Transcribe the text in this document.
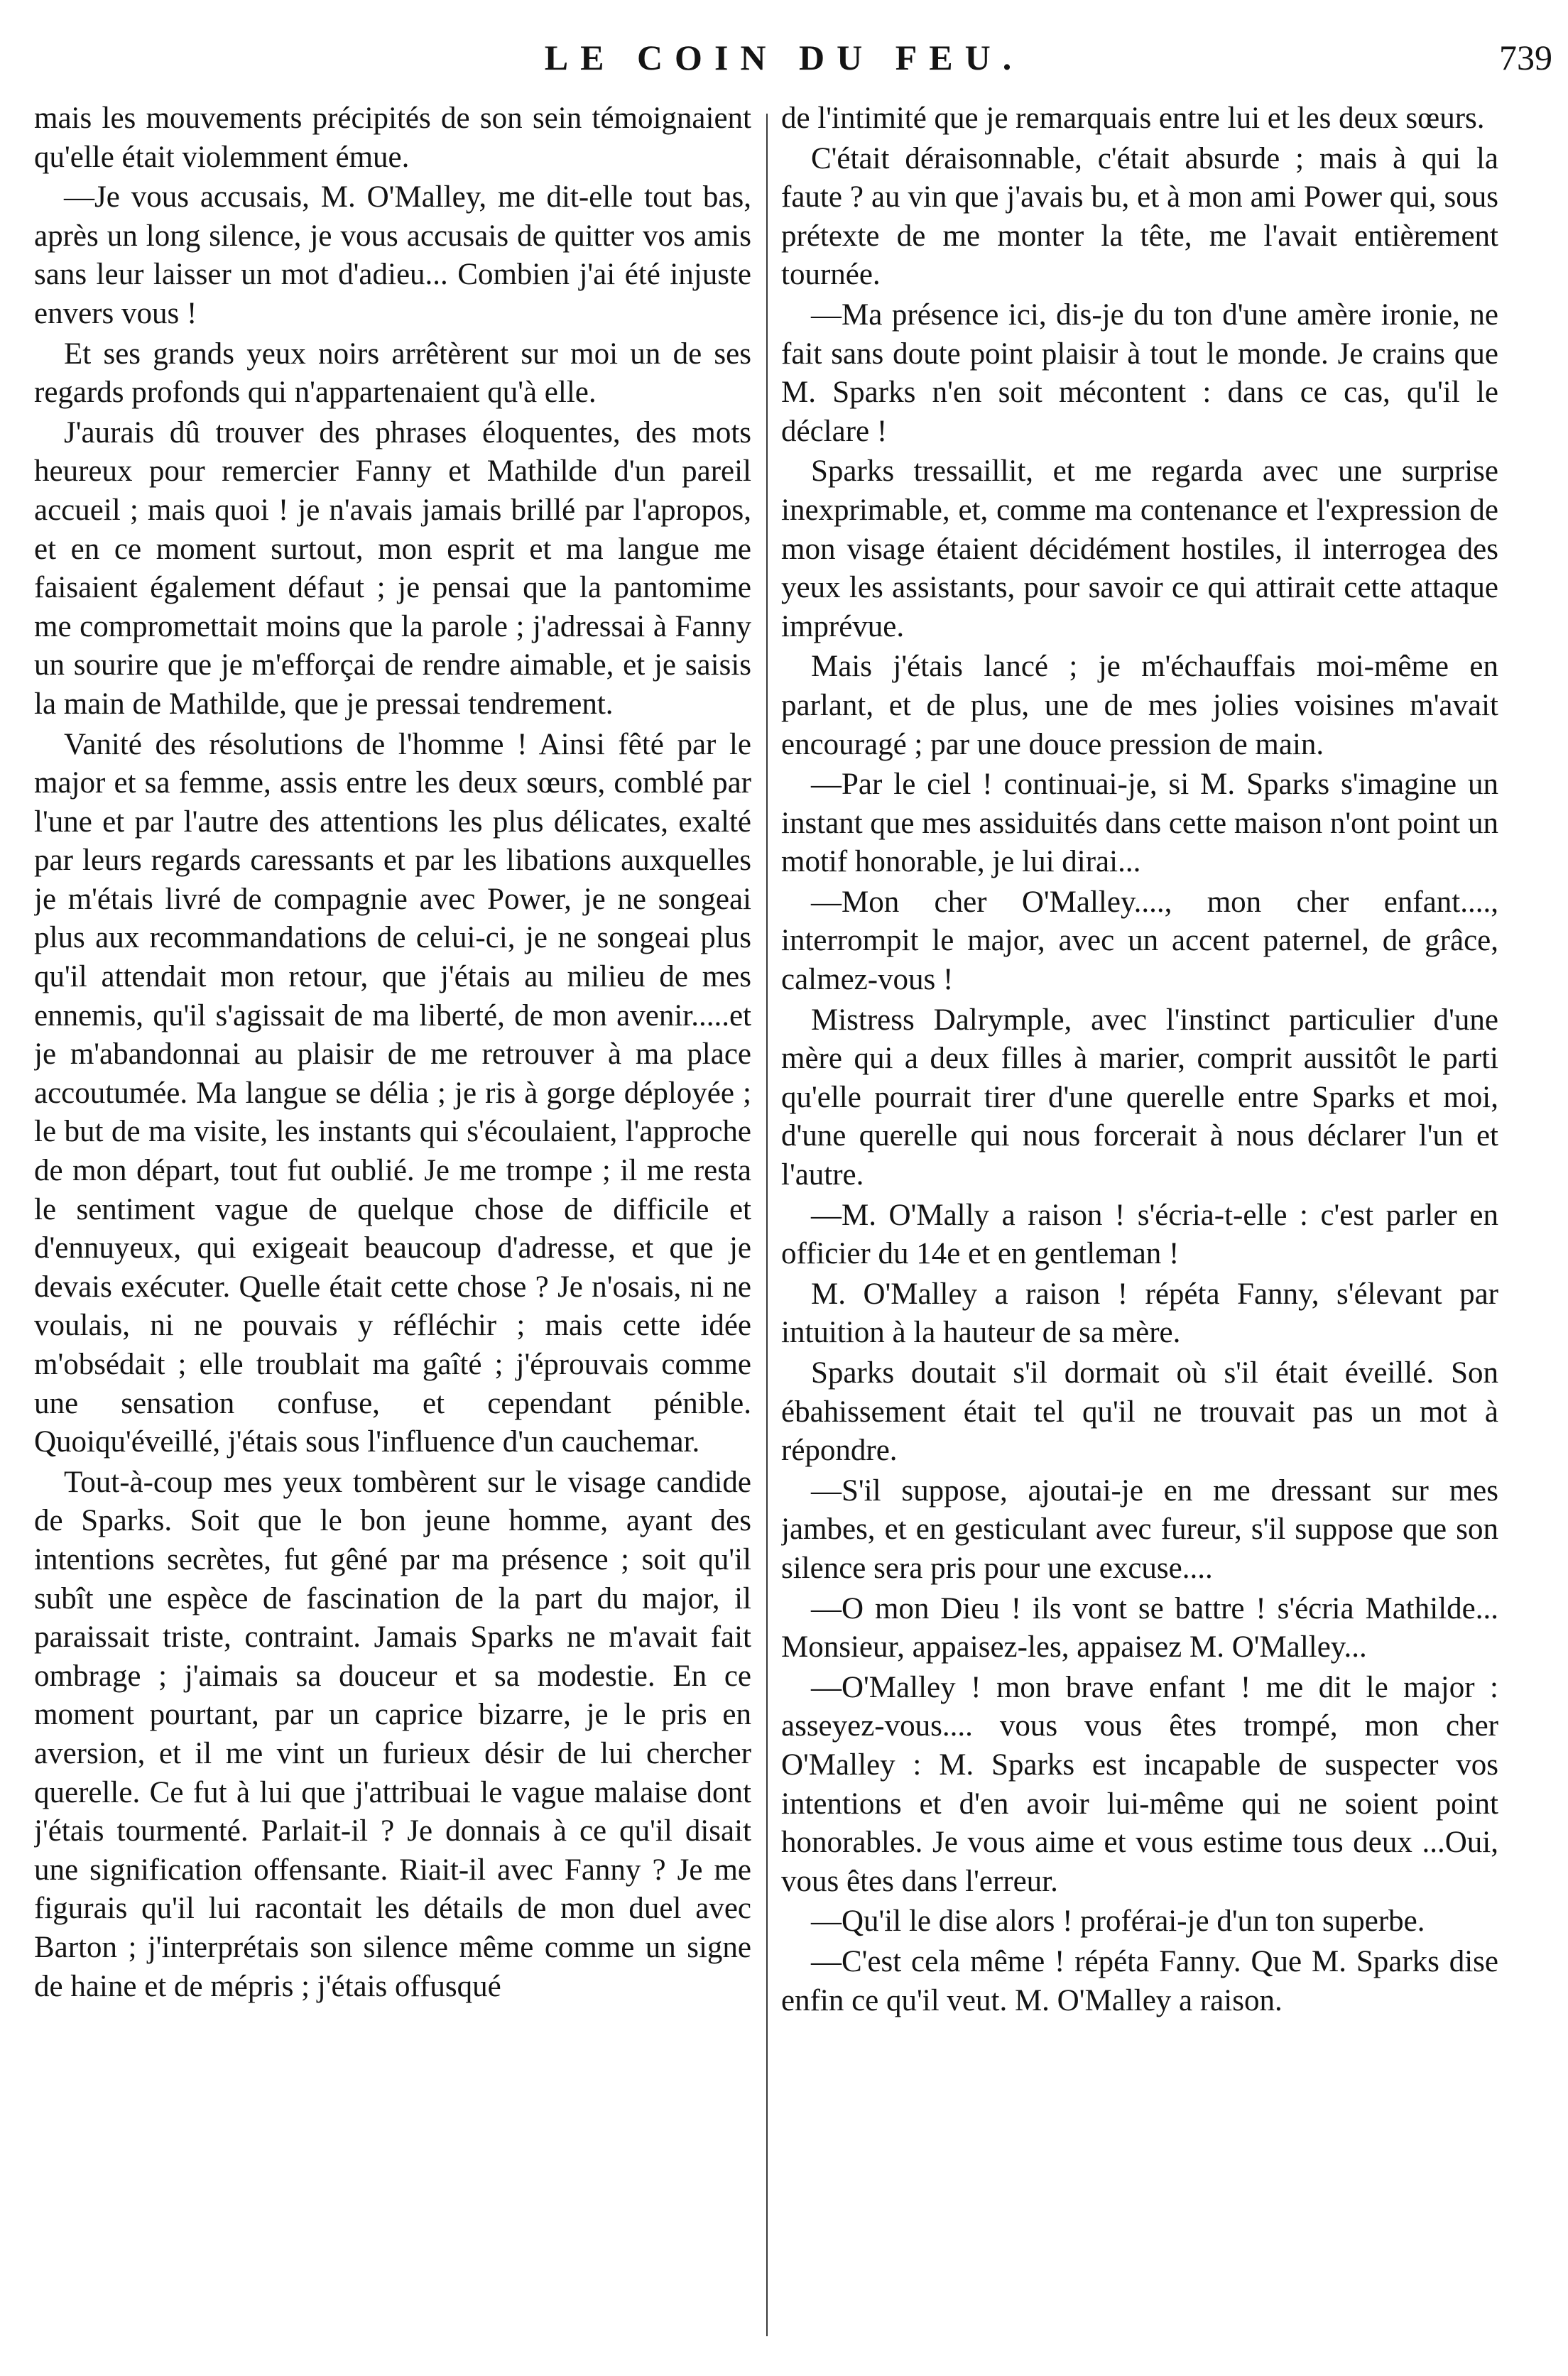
LE COIN DU FEU.	739

mais les mouvements précipités de son sein témoignaient qu'elle était violemment émue.

—Je vous accusais, M. O'Malley, me dit-elle tout bas, après un long silence, je vous accusais de quitter vos amis sans leur laisser un mot d'adieu... Combien j'ai été injuste envers vous !

Et ses grands yeux noirs arrêtèrent sur moi un de ses regards profonds qui n'appartenaient qu'à elle.

J'aurais dû trouver des phrases éloquentes, des mots heureux pour remercier Fanny et Mathilde d'un pareil accueil ; mais quoi ! je n'avais jamais brillé par l'apropos, et en ce moment surtout, mon esprit et ma langue me faisaient également défaut ; je pensai que la pantomime me compromettait moins que la parole ; j'adressai à Fanny un sourire que je m'efforçai de rendre aimable, et je saisis la main de Mathilde, que je pressai tendrement.

Vanité des résolutions de l'homme ! Ainsi fêté par le major et sa femme, assis entre les deux sœurs, comblé par l'une et par l'autre des attentions les plus délicates, exalté par leurs regards caressants et par les libations auxquelles je m'étais livré de compagnie avec Power, je ne songeai plus aux recommandations de celui-ci, je ne songeai plus qu'il attendait mon retour, que j'étais au milieu de mes ennemis, qu'il s'agissait de ma liberté, de mon avenir.....et je m'abandonnai au plaisir de me retrouver à ma place accoutumée. Ma langue se délia ; je ris à gorge déployée ; le but de ma visite, les instants qui s'écoulaient, l'approche de mon départ, tout fut oublié. Je me trompe ; il me resta le sentiment vague de quelque chose de difficile et d'ennuyeux, qui exigeait beaucoup d'adresse, et que je devais exécuter. Quelle était cette chose ? Je n'osais, ni ne voulais, ni ne pouvais y réfléchir ; mais cette idée m'obsédait ; elle troublait ma gaîté ; j'éprouvais comme une sensation confuse, et cependant pénible. Quoiqu'éveillé, j'étais sous l'influence d'un cauchemar.

Tout-à-coup mes yeux tombèrent sur le visage candide de Sparks. Soit que le bon jeune homme, ayant des intentions secrètes, fut gêné par ma présence ; soit qu'il subît une espèce de fascination de la part du major, il paraissait triste, contraint. Jamais Sparks ne m'avait fait ombrage ; j'aimais sa douceur et sa modestie. En ce moment pourtant, par un caprice bizarre, je le pris en aversion, et il me vint un furieux désir de lui chercher querelle. Ce fut à lui que j'attribuai le vague malaise dont j'étais tourmenté. Parlait-il ? Je donnais à ce qu'il disait une signification offensante. Riait-il avec Fanny ? Je me figurais qu'il lui racontait les détails de mon duel avec Barton ; j'interprétais son silence même comme un signe de haine et de mépris ; j'étais offusqué

de l'intimité que je remarquais entre lui et les deux sœurs.

C'était déraisonnable, c'était absurde ; mais à qui la faute ? au vin que j'avais bu, et à mon ami Power qui, sous prétexte de me monter la tête, me l'avait entièrement tournée.

—Ma présence ici, dis-je du ton d'une amère ironie, ne fait sans doute point plaisir à tout le monde. Je crains que M. Sparks n'en soit mécontent : dans ce cas, qu'il le déclare !

Sparks tressaillit, et me regarda avec une surprise inexprimable, et, comme ma contenance et l'expression de mon visage étaient décidément hostiles, il interrogea des yeux les assistants, pour savoir ce qui attirait cette attaque imprévue.

Mais j'étais lancé ; je m'échauffais moi-même en parlant, et de plus, une de mes jolies voisines m'avait encouragé ; par une douce pression de main.

—Par le ciel ! continuai-je, si M. Sparks s'imagine un instant que mes assiduités dans cette maison n'ont point un motif honorable, je lui dirai...

—Mon cher O'Malley...., mon cher enfant...., interrompit le major, avec un accent paternel, de grâce, calmez-vous !

Mistress Dalrymple, avec l'instinct particulier d'une mère qui a deux filles à marier, comprit aussitôt le parti qu'elle pourrait tirer d'une querelle entre Sparks et moi, d'une querelle qui nous forcerait à nous déclarer l'un et l'autre.

—M. O'Mally a raison ! s'écria-t-elle : c'est parler en officier du 14e et en gentleman !

M. O'Malley a raison ! répéta Fanny, s'élevant par intuition à la hauteur de sa mère.

Sparks doutait s'il dormait où s'il était éveillé. Son ébahissement était tel qu'il ne trouvait pas un mot à répondre.

—S'il suppose, ajoutai-je en me dressant sur mes jambes, et en gesticulant avec fureur, s'il suppose que son silence sera pris pour une excuse....

—O mon Dieu ! ils vont se battre ! s'écria Mathilde... Monsieur, appaisez-les, appaisez M. O'Malley...

—O'Malley ! mon brave enfant ! me dit le major : asseyez-vous.... vous vous êtes trompé, mon cher O'Malley : M. Sparks est incapable de suspecter vos intentions et d'en avoir lui-même qui ne soient point honorables. Je vous aime et vous estime tous deux ...Oui, vous êtes dans l'erreur.

—Qu'il le dise alors ! proférai-je d'un ton superbe.

—C'est cela même ! répéta Fanny. Que M. Sparks dise enfin ce qu'il veut. M. O'Malley a raison.
